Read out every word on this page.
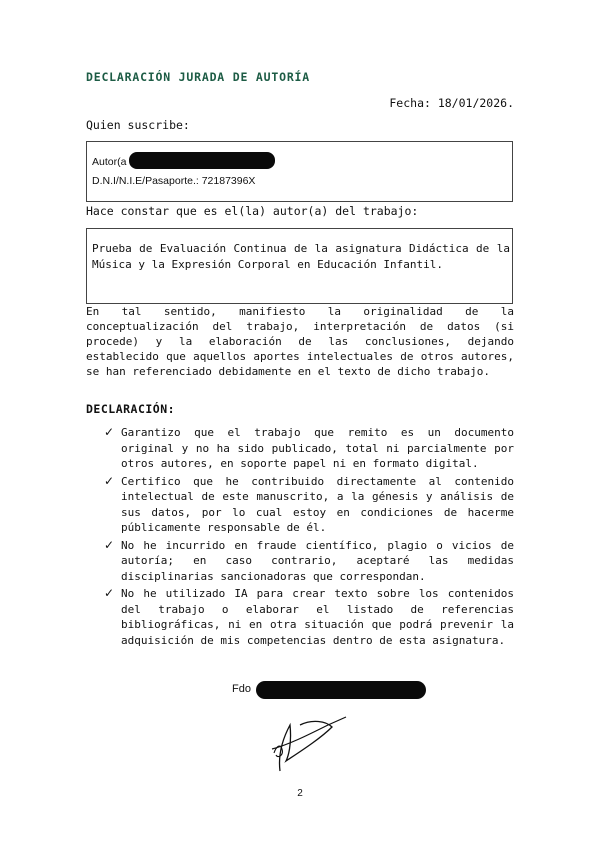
DECLARACIÓN JURADA DE AUTORÍA
Fecha: 18/01/2026.
Quien suscribe:
Autor(a
D.N.I/N.I.E/Pasaporte.: 72187396X
Hace constar que es el(la) autor(a) del trabajo:
Prueba de Evaluación Continua de la asignatura Didáctica de la Música y la Expresión Corporal en Educación Infantil.
En tal sentido, manifiesto la originalidad de la conceptualización del trabajo, interpretación de datos (si procede) y la elaboración de las conclusiones, dejando establecido que aquellos aportes intelectuales de otros autores, se han referenciado debidamente en el texto de dicho trabajo.
DECLARACIÓN:
✓ Garantizo que el trabajo que remito es un documento original y no ha sido publicado, total ni parcialmente por otros autores, en soporte papel ni en formato digital.
✓ Certifico que he contribuido directamente al contenido intelectual de este manuscrito, a la génesis y análisis de sus datos, por lo cual estoy en condiciones de hacerme públicamente responsable de él.
✓ No he incurrido en fraude científico, plagio o vicios de autoría; en caso contrario, aceptaré las medidas disciplinarias sancionadoras que correspondan.
✓ No he utilizado IA para crear texto sobre los contenidos del trabajo o elaborar el listado de referencias bibliográficas, ni en otra situación que podrá prevenir la adquisición de mis competencias dentro de esta asignatura.
Fdo
2
